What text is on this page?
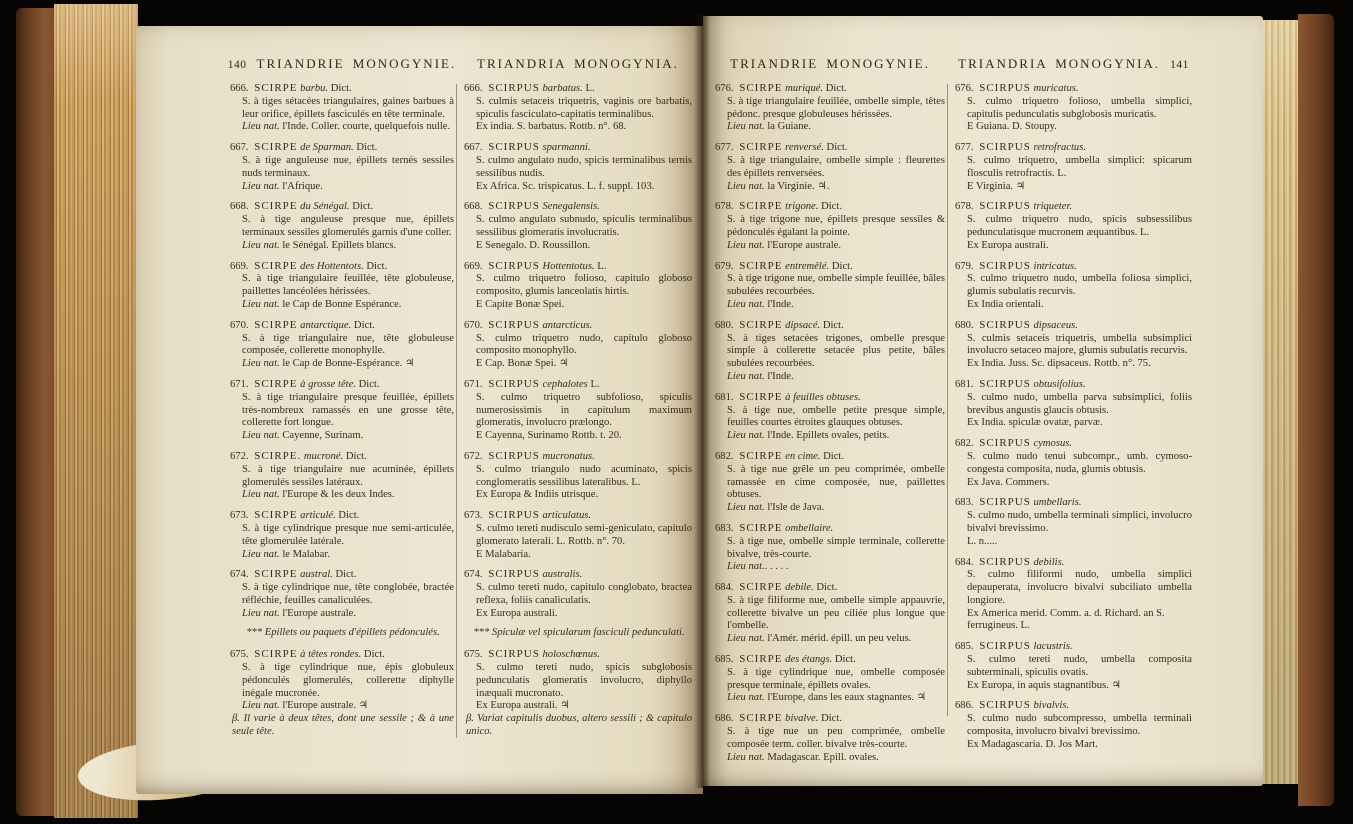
140 TRIANDRIE MONOGYNIE.
666. SCIRPE barbu. Dict.
S. à tiges sétacées triangulaires, gaines barbues à leur orifice, épillets fasciculés en tête terminale.
Lieu nat. l'Inde. Coller. courte, quelquefois nulle.
667. SCIRPE de Sparman. Dict.
S. à tige anguleuse nue, épillets ternés sessiles nuds terminaux.
Lieu nat. l'Afrique.
668. SCIRPE du Sénégal. Dict.
S. à tige anguleuse presque nue, épillets terminaux sessiles glomerulés garnis d'une coller.
Lieu nat. le Sénégal. Epillets blancs.
669. SCIRPE des Hottentots. Dict.
S. à tige triangulaire feuillée, tête globuleuse, paillettes lancéolées hérissées.
Lieu nat. le Cap de Bonne Espérance.
670. SCIRPE antarctique. Dict.
S. à tige triangulaire nue, tête globuleuse composée, collerette monophylle.
Lieu nat. le Cap de Bonne-Espérance. ♃
671. SCIRPE à grosse tête. Dict.
S. à tige triangulaire presque feuillée, épillets très-nombreux ramassés en une grosse tête, collerette fort longue.
Lieu nat. Cayenne, Surinam.
672. SCIRPE. mucroné. Dict.
S. à tige triangulaire nue acuminée, épillets glomerulés sessiles latéraux.
Lieu nat. l'Europe & les deux Indes.
673. SCIRPE articulé. Dict.
S. à tige cylindrique presque nue semi-articulée, tête glomerulée latérale.
Lieu nat. le Malabar.
674. SCIRPE austral. Dict.
S. à tige cylindrique nue, tête conglobée, bractée réfléchie, feuilles canaliculées.
Lieu nat. l'Europe australe.
*** Epillets ou paquets d'épillets pédonculés.
675. SCIRPE à têtes rondes. Dict.
S. à tige cylindrique nue, épis globuleux pédonculés glomerulés, collerette diphylle inégale mucronée.
Lieu nat. l'Europe australe. ♃
β. Il varie à deux têtes, dont une sessile ; & à une seule tête.
TRIANDRIA MONOGYNIA.
666. SCIRPUS barbatus. L.
S. culmis setaceis triquetris, vaginis ore barbatis, spiculis fasciculato-capitatis terminalibus.
Ex india. S. barbatus. Rottb. n°. 68.
667. SCIRPUS sparmanni.
S. culmo angulato nudo, spicis terminalibus ternis sessilibus nudis.
Ex Africa. Sc. trispicatus. L. f. suppl. 103.
668. SCIRPUS Senegalensis.
S. culmo angulato subnudo, spiculis terminalibus sessilibus glomeratis involucratis.
E Senegalo. D. Roussillon.
669. SCIRPUS Hottentotus. L.
S. culmo triquetro folioso, capitulo globoso composito, glumis lanceolatis hirtis.
E Capite Bonæ Spei.
670. SCIRPUS antarcticus.
S. culmo triquetro nudo, capitulo globoso composito monophyllo.
E Cap. Bonæ Spei. ♃
671. SCIRPUS cephalotes L.
S. culmo triquetro subfolioso, spiculis numerosissimis in capitulum maximum glomeratis, involucro prælongo.
E Cayenna, Surinamo Rottb. t. 20.
672. SCIRPUS mucronatus.
S. culmo triangulo nudo acuminato, spicis conglomeratis sessilibus lateralibus. L.
Ex Europa & Indiis utrisque.
673. SCIRPUS articulatus.
S. culmo tereti nudisculo semi-geniculato, capitulo glomerato laterali. L. Rottb. n°. 70.
E Malabaria.
674. SCIRPUS australis.
S. culmo tereti nudo, capitulo conglobato, bractea reflexa, foliis canaliculatis.
Ex Europa australi.
*** Spiculæ vel spicularum fasciculi pedunculati.
675. SCIRPUS holoschœnus.
S. culmo tereti nudo, spicis subglobosis pedunculatis glomeratis involucro, diphyllo inæquali mucronato.
Ex Europa australi. ♃
β. Variat capitulis duobus, altero sessili ; & capitulo unico.
TRIANDRIE MONOGYNIE.
676. SCIRPE muriqué. Dict.
S. à tige triangulaire feuillée, ombelle simple, têtes pédonc. presque globuleuses hérissées.
Lieu nat. la Guiane.
677. SCIRPE renversé. Dict.
S. à tige triangulaire, ombelle simple : fleurettes des épillets renversées.
Lieu nat. la Virginie. ♃.
678. SCIRPE trigone. Dict.
S. à tige trigone nue, épillets presque sessiles & pédonculés égalant la pointe.
Lieu nat. l'Europe australe.
679. SCIRPE entremêlé. Dict.
S. à tige trigone nue, ombelle simple feuillée, bâles subulées recourbées.
Lieu nat. l'Inde.
680. SCIRPE dipsacé. Dict.
S. à tiges setacées trigones, ombelle presque simple à collerette setacée plus petite, bâles subulées recourbées.
Lieu nat. l'Inde.
681. SCIRPE à feuilles obtuses.
S. à tige nue, ombelle petite presque simple, feuilles courtes étroites glauques obtuses.
Lieu nat. l'Inde. Epillets ovales, petits.
682. SCIRPE en cime. Dict.
S. à tige nue grêle un peu comprimée, ombelle ramassée en cime composée, nue, paillettes obtuses.
Lieu nat. l'Isle de Java.
683. SCIRPE ombellaire.
S. à tige nue, ombelle simple terminale, collerette bivalve, très-courte.
Lieu nat.. . . . .
684. SCIRPE debile. Dict.
S. à tige filiforme nue, ombelle simple appauvrie, collerette bivalve un peu ciliée plus longue que l'ombelle.
Lieu nat. l'Amér. mérid. épill. un peu velus.
685. SCIRPE des étangs. Dict.
S. à tige cylindrique nue, ombelle composée presque terminale, épillets ovales.
Lieu nat. l'Europe, dans les eaux stagnantes. ♃
686. SCIRPE bivalve. Dict.
S. à tige nue un peu comprimée, ombelle composée term. coller. bivalve très-courte.
Lieu nat. Madagascar. Epill. ovales.
TRIANDRIA MONOGYNIA. 141
676. SCIRPUS muricatus.
S. culmo triquetro folioso, umbella simplici, capitulis pedunculatis subglobosis muricatis.
E Guiana. D. Stoupy.
677. SCIRPUS retrofractus.
S. culmo triquetro, umbella simplici: spicarum flosculis retrofractis. L.
E Virginia. ♃
678. SCIRPUS triqueter.
S. culmo triquetro nudo, spicis subsessilibus pedunculatisque mucronem æquantibus. L.
Ex Europa australi.
679. SCIRPUS intricatus.
S. culmo triquetro nudo, umbella foliosa simplici, glumis subulatis recurvis.
Ex India orientali.
680. SCIRPUS dipsaceus.
S. culmis setaceis triquetris, umbella subsimplici involucro setaceo majore, glumis subulatis recurvis.
Ex India. Juss. Sc. dipsaceus. Rottb. n°. 75.
681. SCIRPUS obtusifolius.
S. culmo nudo, umbella parva subsimplici, foliis brevibus angustis glaucis obtusis.
Ex India. spiculæ ovatæ, parvæ.
682. SCIRPUS cymosus.
S. culmo nudo tenui subcompr., umb. cymoso-congesta composita, nuda, glumis obtusis.
Ex Java. Commers.
683. SCIRPUS umbellaris.
S. culmo nudo, umbella terminali simplici, involucro bivalvi brevissimo.
L. n.....
684. SCIRPUS debilis.
S. culmo filiformi nudo, umbella simplici depauperata, involucro bivalvi subciliato umbella longiore.
Ex America merid. Comm. a. d. Richard. an S. ferrugineus. L.
685. SCIRPUS lacustris.
S. culmo tereti nudo, umbella composita subterminali, spiculis ovatis.
Ex Europa, in aquis stagnantibus. ♃
686. SCIRPUS bivalvis.
S. culmo nudo subcompresso, umbella terminali composita, involucro bivalvi brevissimo.
Ex Madagascaria. D. Jos Mart.
